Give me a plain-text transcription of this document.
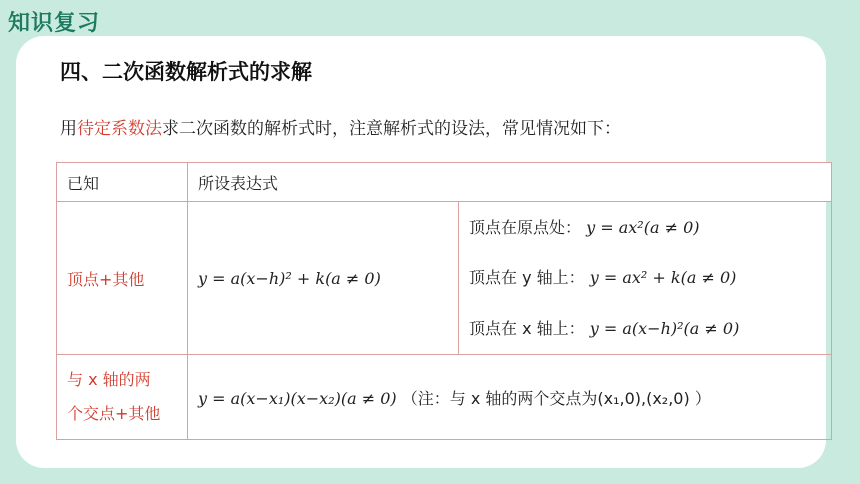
知识复习
四、二次函数解析式的求解
用待定系数法求二次函数的解析式时，注意解析式的设法，常见情况如下：
已知	所设表达式	
顶点+其他	y = a(x−h)² + k(a ≠ 0)	顶点在原点处： y = ax²(a ≠ 0)
顶点在 y 轴上： y = ax² + k(a ≠ 0)
顶点在 x 轴上： y = a(x−h)²(a ≠ 0)

与 x 轴的两
个交点+其他	y = a(x−x₁)(x−x₂)(a ≠ 0) （注：与 x 轴的两个交点为(x₁,0),(x₂,0) ）	
